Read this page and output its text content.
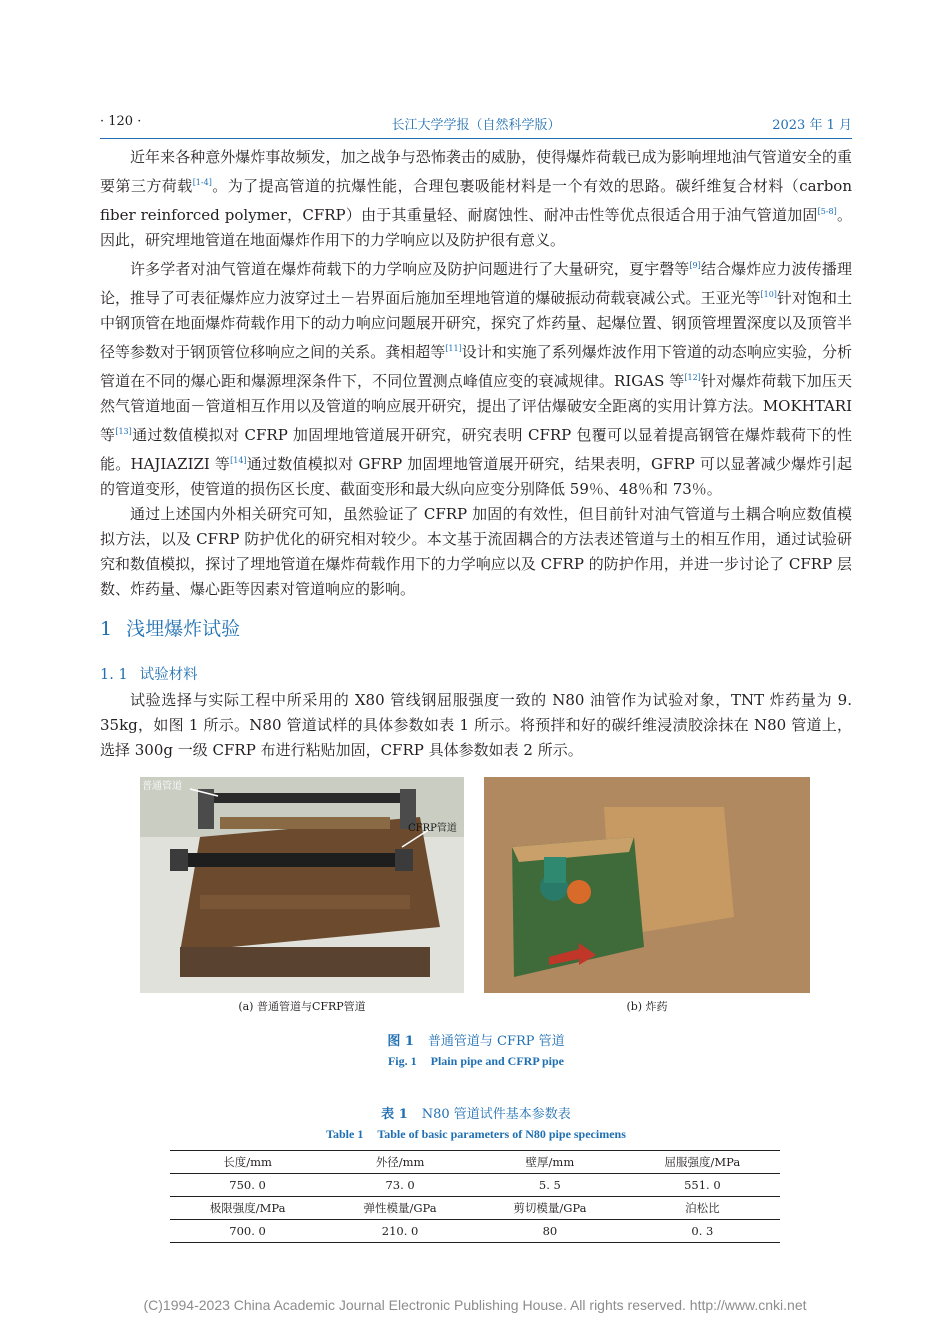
长江大学学报（自然科学版）
· 120 ·	2023 年 1 月

近年来各种意外爆炸事故频发，加之战争与恐怖袭击的威胁，使得爆炸荷载已成为影响埋地油气管道安全的重要第三方荷载[1-4]。为了提高管道的抗爆性能，合理包裹吸能材料是一个有效的思路。碳纤维复合材料（carbon fiber reinforced polymer，CFRP）由于其重量轻、耐腐蚀性、耐冲击性等优点很适合用于油气管道加固[5-8]。因此，研究埋地管道在地面爆炸作用下的力学响应以及防护很有意义。

许多学者对油气管道在爆炸荷载下的力学响应及防护问题进行了大量研究，夏宇磬等[9]结合爆炸应力波传播理论，推导了可表征爆炸应力波穿过土－岩界面后施加至埋地管道的爆破振动荷载衰减公式。王亚光等[10]针对饱和土中钢顶管在地面爆炸荷载作用下的动力响应问题展开研究，探究了炸药量、起爆位置、钢顶管埋置深度以及顶管半径等参数对于钢顶管位移响应之间的关系。龚相超等[11]设计和实施了系列爆炸波作用下管道的动态响应实验，分析管道在不同的爆心距和爆源埋深条件下，不同位置测点峰值应变的衰减规律。RIGAS 等[12]针对爆炸荷载下加压天然气管道地面－管道相互作用以及管道的响应展开研究，提出了评估爆破安全距离的实用计算方法。MOKHTARI 等[13]通过数值模拟对 CFRP 加固埋地管道展开研究，研究表明 CFRP 包覆可以显着提高钢管在爆炸载荷下的性能。HAJIAZIZI 等[14]通过数值模拟对 GFRP 加固埋地管道展开研究，结果表明，GFRP 可以显著减少爆炸引起的管道变形，使管道的损伤区长度、截面变形和最大纵向应变分别降低 59％、48％和 73％。

通过上述国内外相关研究可知，虽然验证了 CFRP 加固的有效性，但目前针对油气管道与土耦合响应数值模拟方法，以及 CFRP 防护优化的研究相对较少。本文基于流固耦合的方法表述管道与土的相互作用，通过试验研究和数值模拟，探讨了埋地管道在爆炸荷载作用下的力学响应以及 CFRP 的防护作用，并进一步讨论了 CFRP 层数、炸药量、爆心距等因素对管道响应的影响。

1 浅埋爆炸试验
1. 1 试验材料

试验选择与实际工程中所采用的 X80 管线钢屈服强度一致的 N80 油管作为试验对象，TNT 炸药量为 9. 35kg，如图 1 所示。N80 管道试样的具体参数如表 1 所示。将预拌和好的碳纤维浸渍胶涂抹在 N80 管道上，选择 300g 一级 CFRP 布进行粘贴加固，CFRP 具体参数如表 2 所示。

普通管道
CFRP管道
(a) 普通管道与CFRP管道	(b) 炸药
图 1 普通管道与 CFRP 管道
Fig. 1 Plain pipe and CFRP pipe
表 1 N80 管道试件基本参数表
Table 1 Table of basic parameters of N80 pipe specimens
长度/mm	外径/mm	壁厚/mm	屈服强度/MPa
750. 0	73. 0	5. 5	551. 0
极限强度/MPa	弹性模量/GPa	剪切模量/GPa	泊松比
700. 0	210. 0	80	0. 3
(C)1994-2023 China Academic Journal Electronic Publishing House. All rights reserved. http://www.cnki.net
